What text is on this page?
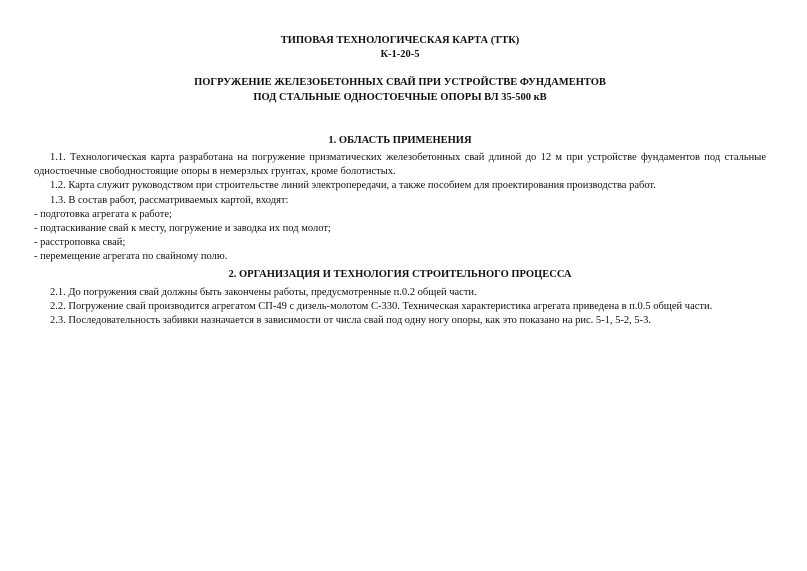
ТИПОВАЯ ТЕХНОЛОГИЧЕСКАЯ КАРТА (ТТК)

К-1-20-5

ПОГРУЖЕНИЕ ЖЕЛЕЗОБЕТОННЫХ СВАЙ ПРИ УСТРОЙСТВЕ ФУНДАМЕНТОВ
ПОД СТАЛЬНЫЕ ОДНОСТОЕЧНЫЕ ОПОРЫ ВЛ 35-500 кВ

1. ОБЛАСТЬ ПРИМЕНЕНИЯ

1.1. Технологическая карта разработана на погружение призматических железобетонных свай длиной до 12 м при устройстве фундаментов под стальные одностоечные свободностоящие опоры в немерзлых грунтах, кроме болотистых.

1.2. Карта служит руководством при строительстве линий электропередачи, а также пособием для проектирования производства работ.

1.3. В состав работ, рассматриваемых картой, входят:

- подготовка агрегата к работе;

- подтаскивание свай к месту, погружение и заводка их под молот;

- расстроповка свай;

- перемещение агрегата по свайному полю.

2. ОРГАНИЗАЦИЯ И ТЕХНОЛОГИЯ СТРОИТЕЛЬНОГО ПРОЦЕССА

2.1. До погружения свай должны быть закончены работы, предусмотренные п.0.2 общей части.

2.2. Погружение свай производится агрегатом СП-49 с дизель-молотом С-330. Техническая характеристика агрегата приведена в п.0.5 общей части.

2.3. Последовательность забивки назначается в зависимости от числа свай под одну ногу опоры, как это показано на рис. 5-1, 5-2, 5-3.
